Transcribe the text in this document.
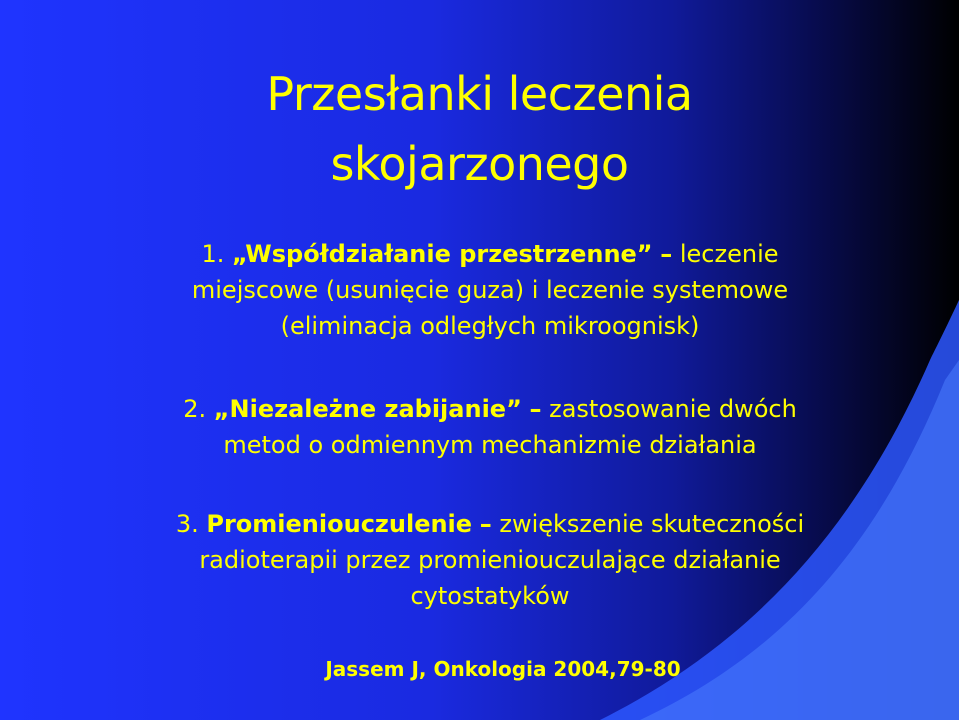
Przesłanki leczenia
skojarzonego
1. „Współdziałanie przestrzenne” – leczenie
miejscowe (usunięcie guza) i leczenie systemowe
(eliminacja odległych mikroognisk)
2. „Niezależne zabijanie” – zastosowanie dwóch
metod o odmiennym mechanizmie działania
3. Promieniouczulenie – zwiększenie skuteczności
radioterapii przez promieniouczulające działanie
cytostatyków
Jassem J, Onkologia 2004,79-80
